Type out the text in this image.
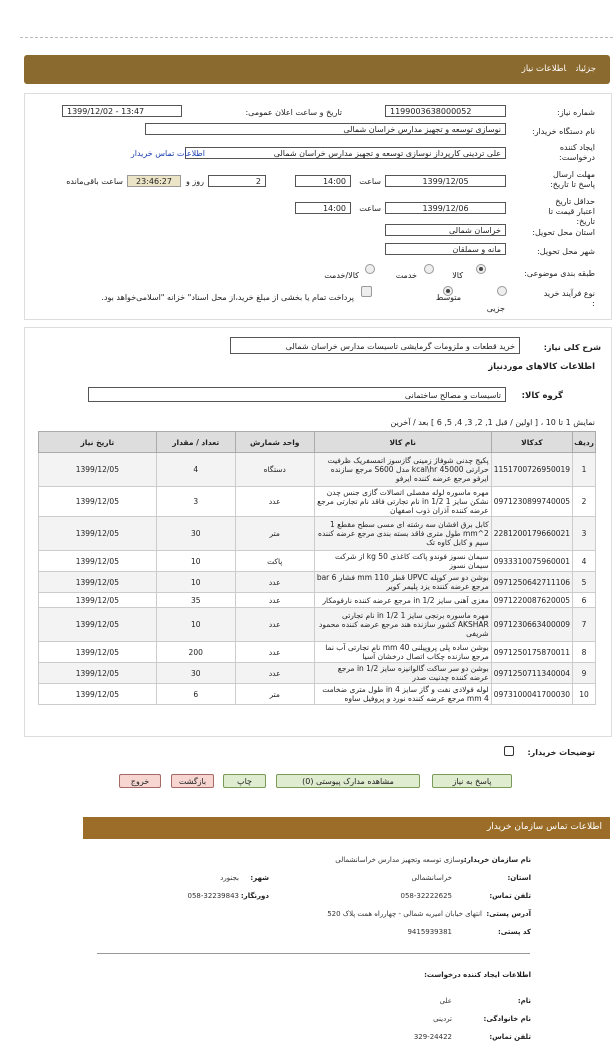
جزئیاتاطلاعات نیاز
شماره نیاز:
1199003638000052
تاریخ و ساعت اعلان عمومی:
1399/12/02 - 13:47
نام دستگاه خریدار:
نوسازی توسعه و تجهیز مدارس خراسان شمالی
ایجاد کننده درخواست:
علی تردینی کارپرداز نوسازی توسعه و تجهیز مدارس خراسان شمالی
اطلاعات تماس خریدار
مهلت ارسال پاسخ تا تاریخ:
1399/12/05
ساعت
14:00
2
روز و
23:46:27
ساعت باقی‌مانده
حداقل تاریخ اعتبار قیمت تا تاریخ:
1399/12/06
ساعت
14:00
استان محل تحویل:
خراسان شمالی
شهر محل تحویل:
مانه و سملقان
طبقه بندی موضوعی:
کالا
خدمت
کالا/خدمت
نوع فرآیند خرید :
جزیی
متوسط
پرداخت تمام یا بخشی از مبلغ خرید،از محل اسناد" خزانه "اسلامی‌خواهد بود.
شرح کلی نیاز:
خرید قطعات و ملزومات گرمایشی تاسیسات مدارس خراسان شمالی
اطلاعات کالاهای موردنیاز
گروه کالا:
تاسیسات و مصالح ساختمانی
نمایش 1 تا 10 ، [ اولین / قبل 1, 2, 3, 4, 5, 6 ] بعد / آخرین
ردیف	کدکالا	نام کالا	واحد شمارش	تعداد / مقدار	تاریخ نیاز
1	1151700726950019	پکیج چدنی شوفاژ زمینی گازسوز اتمسفریک ظرفیت حرارتی kcal\hr 45000 مدل S600 مرجع سازنده ایرفو مرجع عرضه کننده ایرفو	دستگاه	4	1399/12/05
2	0971230899740005	مهره ماسوره لوله مفصلی اتصالات گازی جنس چدن نشکن سایز 1 1/2 in نام تجارتی فاقد نام تجارتی مرجع عرضه کننده آذران ذوب اصفهان	عدد	3	1399/12/05
3	2281200179660021	کابل برق افشان سه رشته ای مسی سطح مقطع 1 mm^2 طول متری فاقد بسته بندی مرجع عرضه کننده سیم و کابل کاوه تک	متر	30	1399/12/05
4	0933310075960001	سیمان نسوز فوندو پاکت کاغذی 50 kg از شرکت سیمان نسوز	پاکت	10	1399/12/05
5	0971250642711106	بوشن دو سر کوپله UPVC قطر 110 mm فشار 6 bar مرجع عرضه کننده یزد پلیمر کویر	عدد	10	1399/12/05
6	0971220087620005	مغزی آهنی سایز 1/2 in مرجع عرضه کننده نارفومکار	عدد	35	1399/12/05
7	0971230663400009	مهره ماسوره برنجی سایز 1 1/2 in نام تجارتی AKSHAR کشور سازنده هند مرجع عرضه کننده محمود شریفی	عدد	10	1399/12/05
8	0971250175870011	بوشن ساده پلی پروپیلنی 40 mm نام تجارتی آب نما مرجع سازنده چکاب اتصال درخشان آسیا	عدد	200	1399/12/05
9	0971250711340004	بوشن دو سر ساکت گالوانیزه سایز 1/2 in مرجع عرضه کننده چدنیت صدر	عدد	30	1399/12/05
10	0973100041700030	لوله فولادی نفت و گاز سایز 4 in طول متری ضخامت 4 mm مرجع عرضه کننده نورد و پروفیل ساوه	متر	6	1399/12/05
توضیحات خریدار:
پاسخ به نیاز
مشاهده مدارک پیوستی (0)
چاپ
بازگشت
خروج
اطلاعات تماس سازمان خریدار
نام سازمان خریدار:
نوسازی توسعه وتجهیز مدارس خراسانشمالی
استان:
خراسانشمالی
شهر:
بجنورد
تلفن تماس:
058-32222625
دورنگار:
058-32239843
آدرس پستی:
انتهای خیابان امیریه شمالی - چهارراه همت پلاک 520
کد پستی:
9415939381
اطلاعات ایجاد کننده درخواست:
نام:
علی
نام خانوادگی:
تردینی
تلفن تماس:
329-24422
